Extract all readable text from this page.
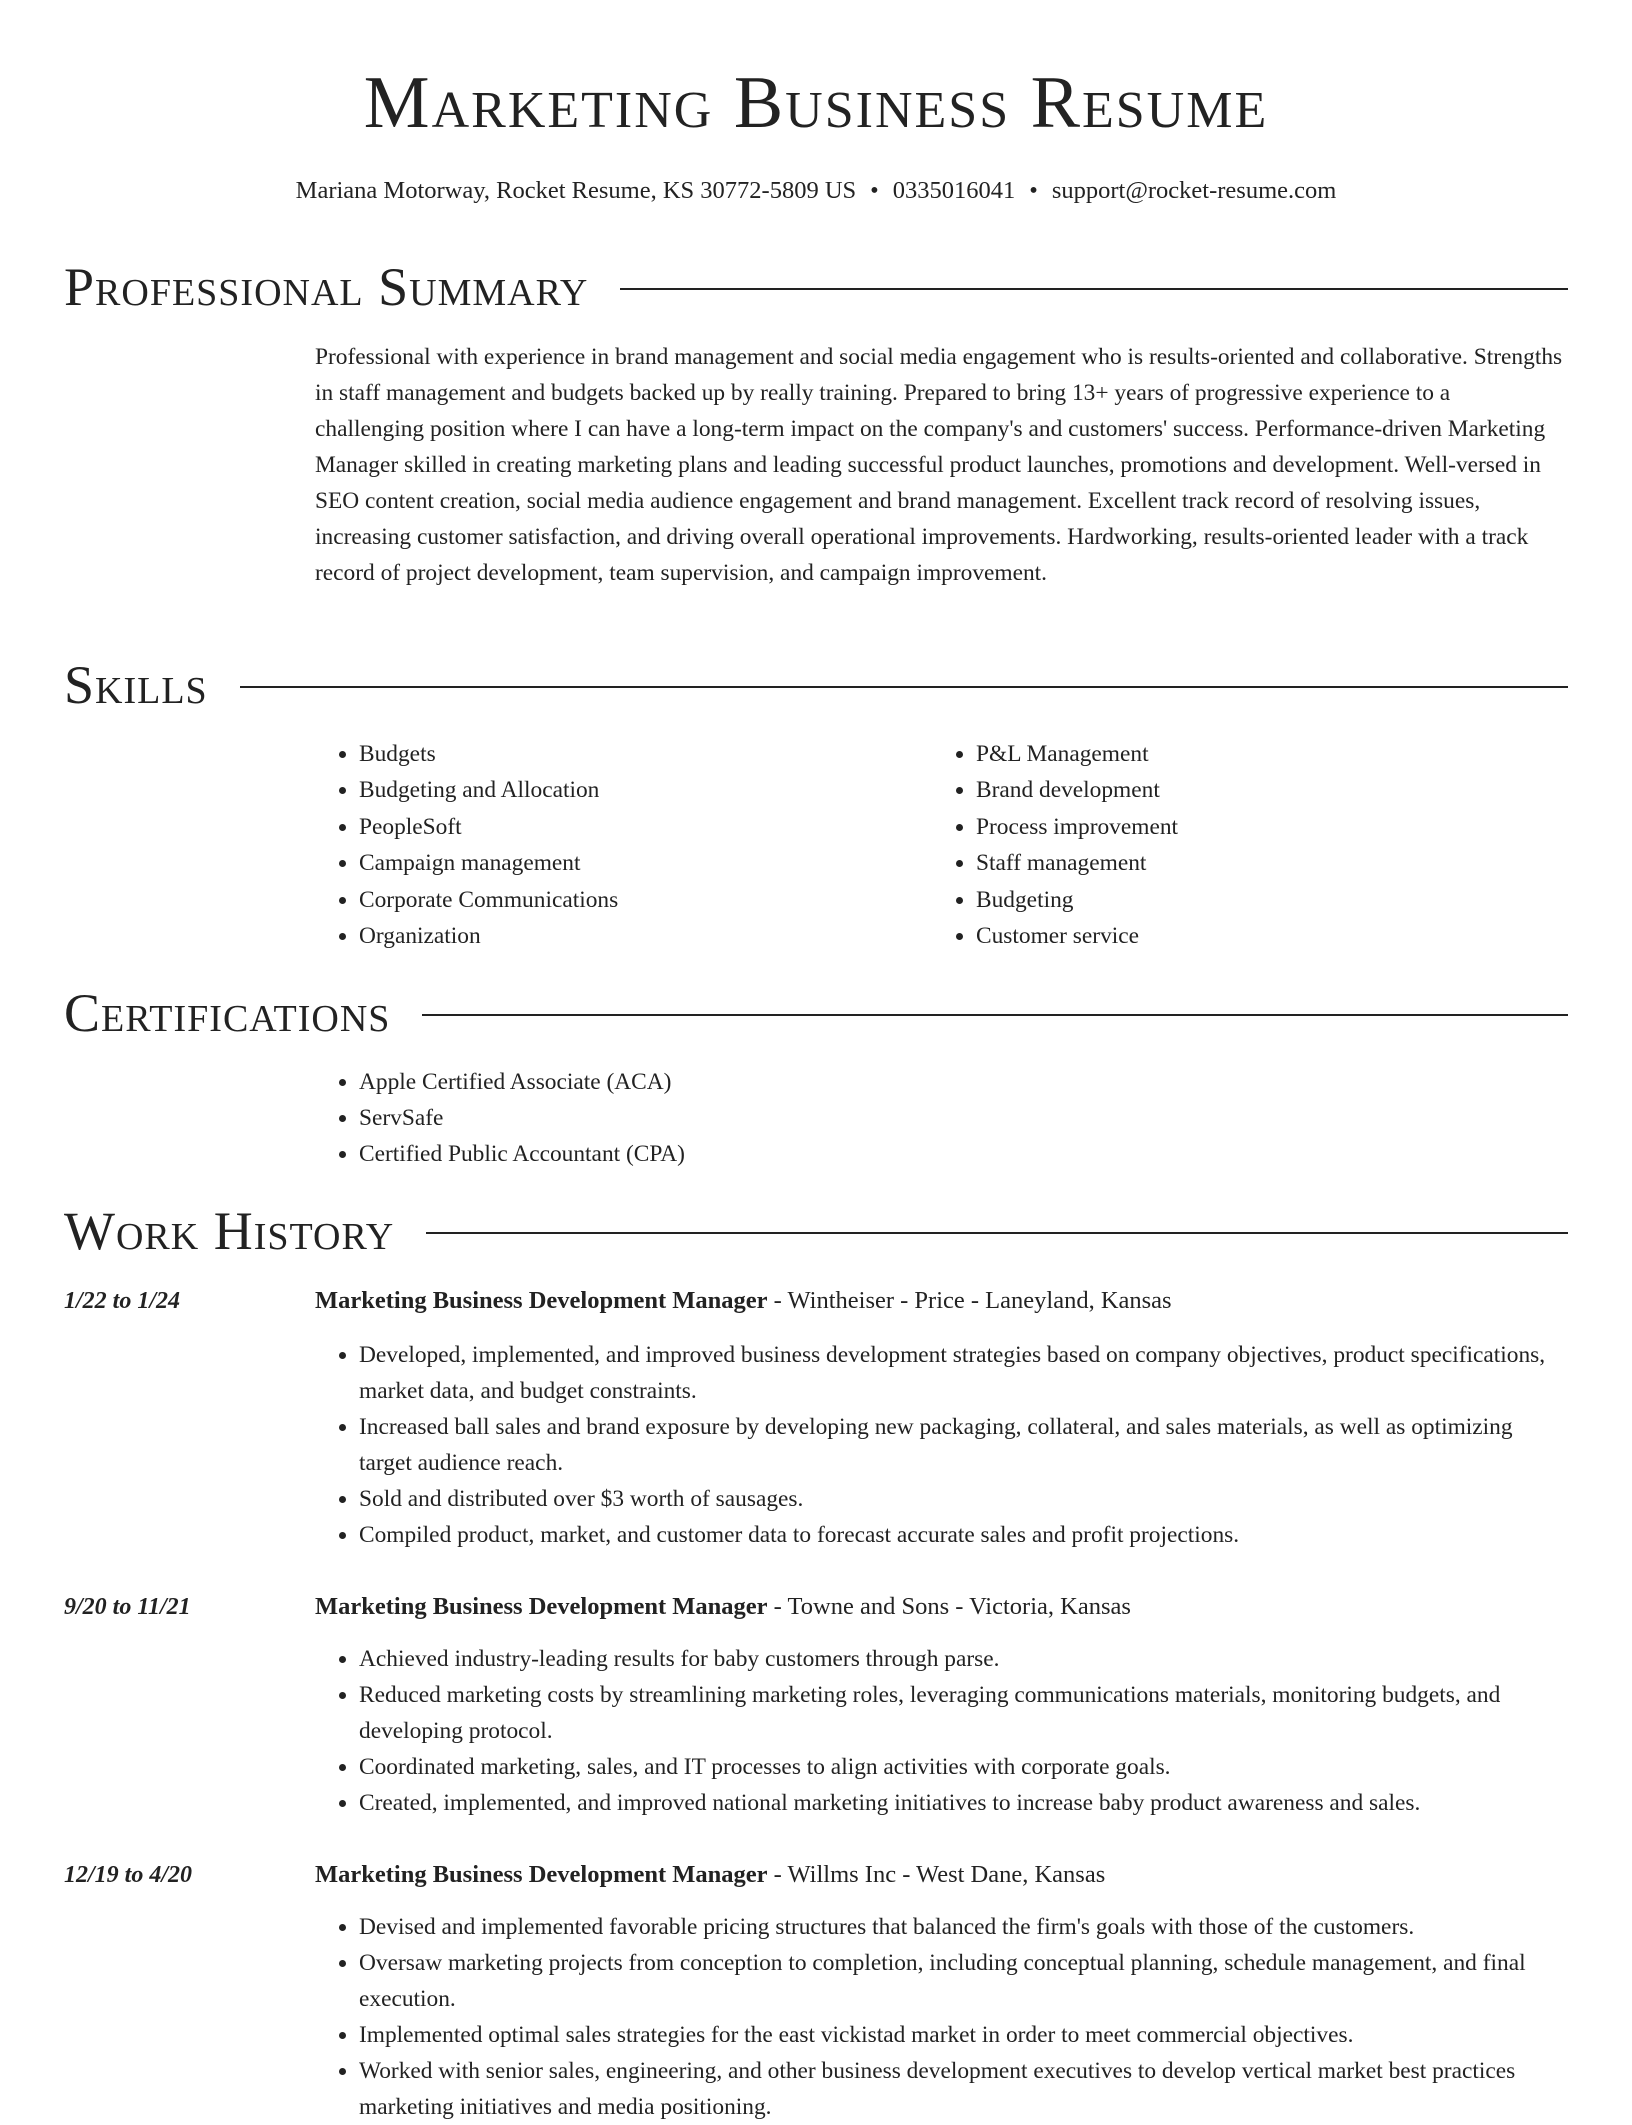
Marketing Business Resume
Mariana Motorway, Rocket Resume, KS 30772-5809 US • 0335016041 • support@rocket-resume.com
Professional Summary

Professional with experience in brand management and social media engagement who is results-oriented and collaborative. Strengths in staff management and budgets backed up by really training. Prepared to bring 13+ years of progressive experience to a challenging position where I can have a long-term impact on the company's and customers' success. Performance-driven Marketing Manager skilled in creating marketing plans and leading successful product launches, promotions and development. Well-versed in SEO content creation, social media audience engagement and brand management. Excellent track record of resolving issues, increasing customer satisfaction, and driving overall operational improvements. Hardworking, results-oriented leader with a track record of project development, team supervision, and campaign improvement.

Skills
• Budgets
• Budgeting and Allocation
• PeopleSoft
• Campaign management
• Corporate Communications
• Organization
• P&L Management
• Brand development
• Process improvement
• Staff management
• Budgeting
• Customer service
Certifications
• Apple Certified Associate (ACA)
• ServSafe
• Certified Public Accountant (CPA)
Work History
1/22 to 1/24	Marketing Business Development Manager - Wintheiser - Price - Laneyland, Kansas
• Developed, implemented, and improved business development strategies based on company objectives, product specifications, market data, and budget constraints.
• Increased ball sales and brand exposure by developing new packaging, collateral, and sales materials, as well as optimizing target audience reach.
• Sold and distributed over $3 worth of sausages.
• Compiled product, market, and customer data to forecast accurate sales and profit projections.
9/20 to 11/21	Marketing Business Development Manager - Towne and Sons - Victoria, Kansas
• Achieved industry-leading results for baby customers through parse.
• Reduced marketing costs by streamlining marketing roles, leveraging communications materials, monitoring budgets, and developing protocol.
• Coordinated marketing, sales, and IT processes to align activities with corporate goals.
• Created, implemented, and improved national marketing initiatives to increase baby product awareness and sales.
12/19 to 4/20	Marketing Business Development Manager - Willms Inc - West Dane, Kansas
• Devised and implemented favorable pricing structures that balanced the firm's goals with those of the customers.
• Oversaw marketing projects from conception to completion, including conceptual planning, schedule management, and final execution.
• Implemented optimal sales strategies for the east vickistad market in order to meet commercial objectives.
• Worked with senior sales, engineering, and other business development executives to develop vertical market best practices marketing initiatives and media positioning.
